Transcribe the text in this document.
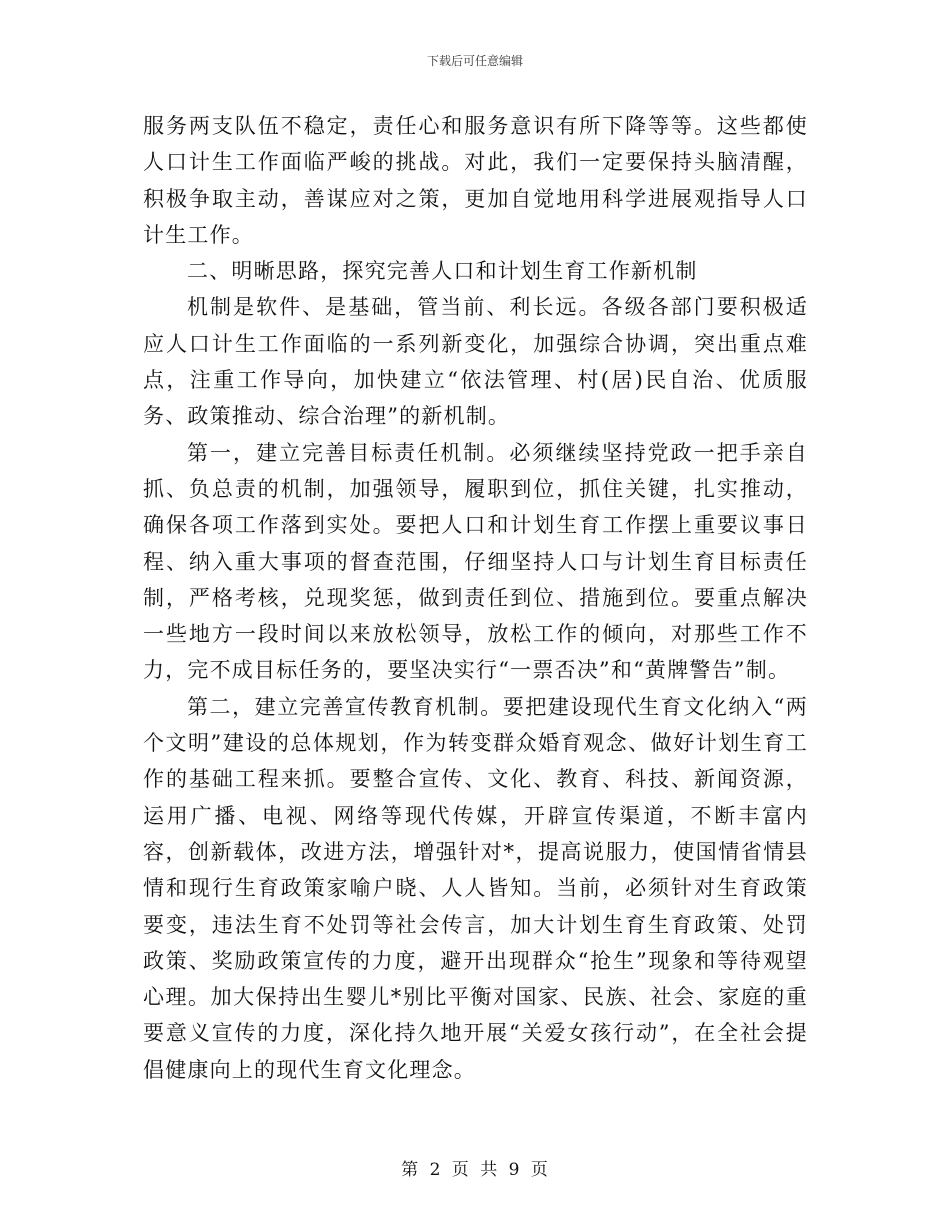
下载后可任意编辑

服务两支队伍不稳定，责任心和服务意识有所下降等等。这些都使人口计生工作面临严峻的挑战。对此，我们一定要保持头脑清醒，积极争取主动，善谋应对之策，更加自觉地用科学进展观指导人口计生工作。

二、明晰思路，探究完善人口和计划生育工作新机制

机制是软件、是基础，管当前、利长远。各级各部门要积极适应人口计生工作面临的一系列新变化，加强综合协调，突出重点难点，注重工作导向，加快建立“依法管理、村(居)民自治、优质服务、政策推动、综合治理”的新机制。

第一，建立完善目标责任机制。必须继续坚持党政一把手亲自抓、负总责的机制，加强领导，履职到位，抓住关键，扎实推动，确保各项工作落到实处。要把人口和计划生育工作摆上重要议事日程、纳入重大事项的督查范围，仔细坚持人口与计划生育目标责任制，严格考核，兑现奖惩，做到责任到位、措施到位。要重点解决一些地方一段时间以来放松领导，放松工作的倾向，对那些工作不力，完不成目标任务的，要坚决实行“一票否决”和“黄牌警告”制。

第二，建立完善宣传教育机制。要把建设现代生育文化纳入“两个文明”建设的总体规划，作为转变群众婚育观念、做好计划生育工作的基础工程来抓。要整合宣传、文化、教育、科技、新闻资源，运用广播、电视、网络等现代传媒，开辟宣传渠道，不断丰富内容，创新载体，改进方法，增强针对*，提高说服力，使国情省情县情和现行生育政策家喻户晓、人人皆知。当前，必须针对生育政策要变，违法生育不处罚等社会传言，加大计划生育生育政策、处罚政策、奖励政策宣传的力度，避开出现群众“抢生”现象和等待观望心理。加大保持出生婴儿*别比平衡对国家、民族、社会、家庭的重要意义宣传的力度，深化持久地开展“关爱女孩行动”，在全社会提倡健康向上的现代生育文化理念。

第 2 页 共 9 页
